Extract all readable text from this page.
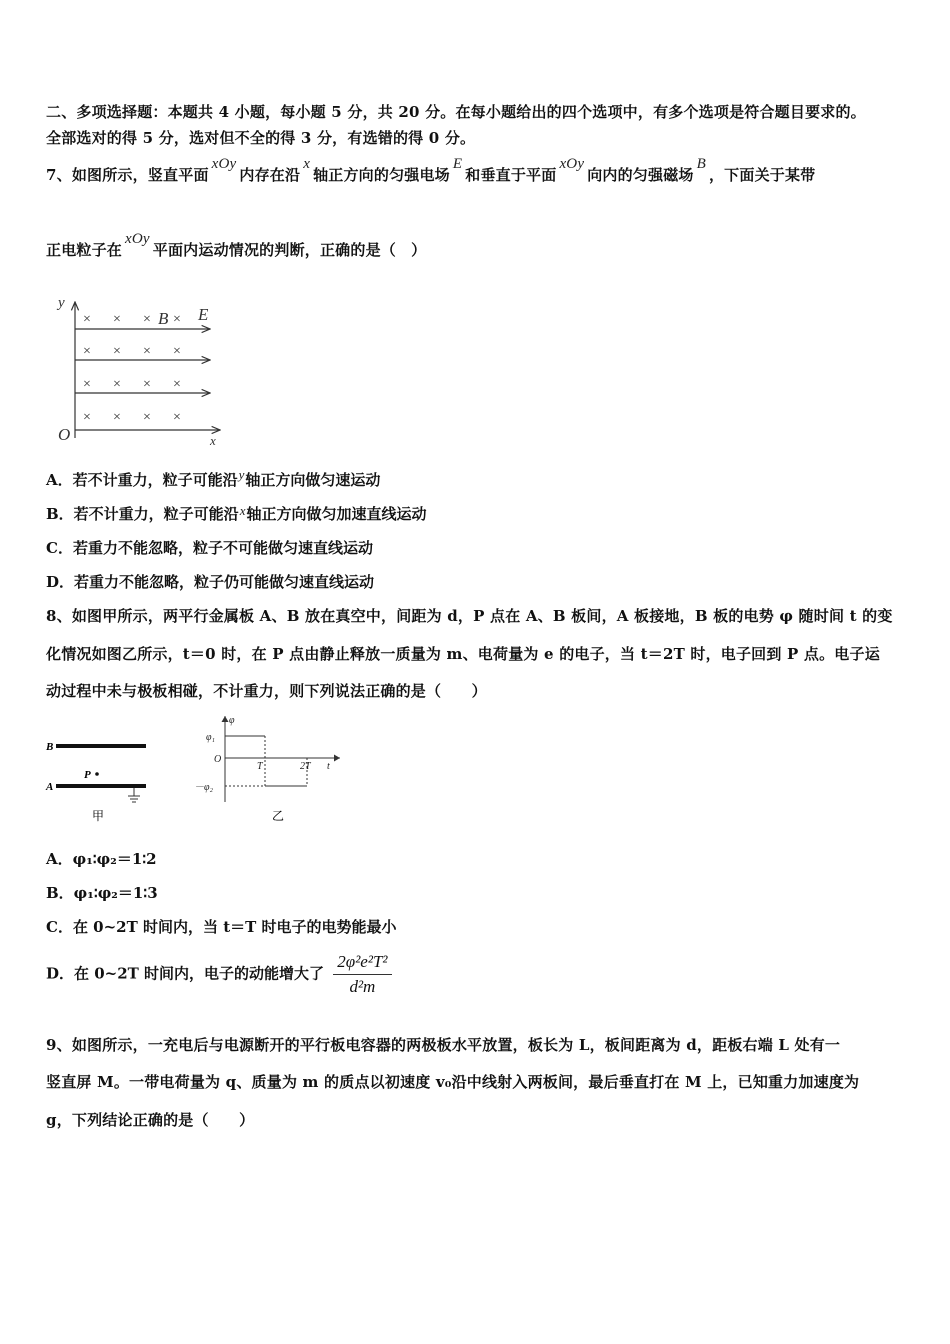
二、多项选择题：本题共 4 小题，每小题 5 分，共 20 分。在每小题给出的四个选项中，有多个选项是符合题目要求的。
全部选对的得 5 分，选对但不全的得 3 分，有选错的得 0 分。
7、如图所示，竖直平面xOy内存在沿x轴正方向的匀强电场E和垂直于平面xOy向内的匀强磁场B，下面关于某带
正电粒子在xOy平面内运动情况的判断，正确的是（　）
y
x
O
E
B
× × × ×
× × × ×
× × × ×
× × × ×
A．若不计重力，粒子可能沿y轴正方向做匀速运动
B．若不计重力，粒子可能沿x轴正方向做匀加速直线运动
C．若重力不能忽略，粒子不可能做匀速直线运动
D．若重力不能忽略，粒子仍可能做匀速直线运动
8、如图甲所示，两平行金属板 A、B 放在真空中，间距为 d，P 点在 A、B 板间，A 板接地，B 板的电势 φ 随时间 t 的变
化情况如图乙所示，t＝0 时，在 P 点由静止释放一质量为 m、电荷量为 e 的电子，当 t＝2T 时，电子回到 P 点。电子运
动过程中未与极板相碰，不计重力，则下列说法正确的是（　　）
B
A
P
甲
φ
φ₁
O
－φ₂
T	2T t
乙
A．φ₁∶φ₂＝1∶2
B．φ₁∶φ₂＝1∶3
C．在 0~2T 时间内，当 t＝T 时电子的电势能最小
D．在 0~2T 时间内，电子的动能增大了 $\frac{\text{2φ²e²T²}}{\text{d²m}}$
9、如图所示，一充电后与电源断开的平行板电容器的两极板水平放置，板长为 L，板间距离为 d，距板右端 L 处有一
竖直屏 M。一带电荷量为 q、质量为 m 的质点以初速度 v₀沿中线射入两板间，最后垂直打在 M 上，已知重力加速度为
g，下列结论正确的是（　　）
